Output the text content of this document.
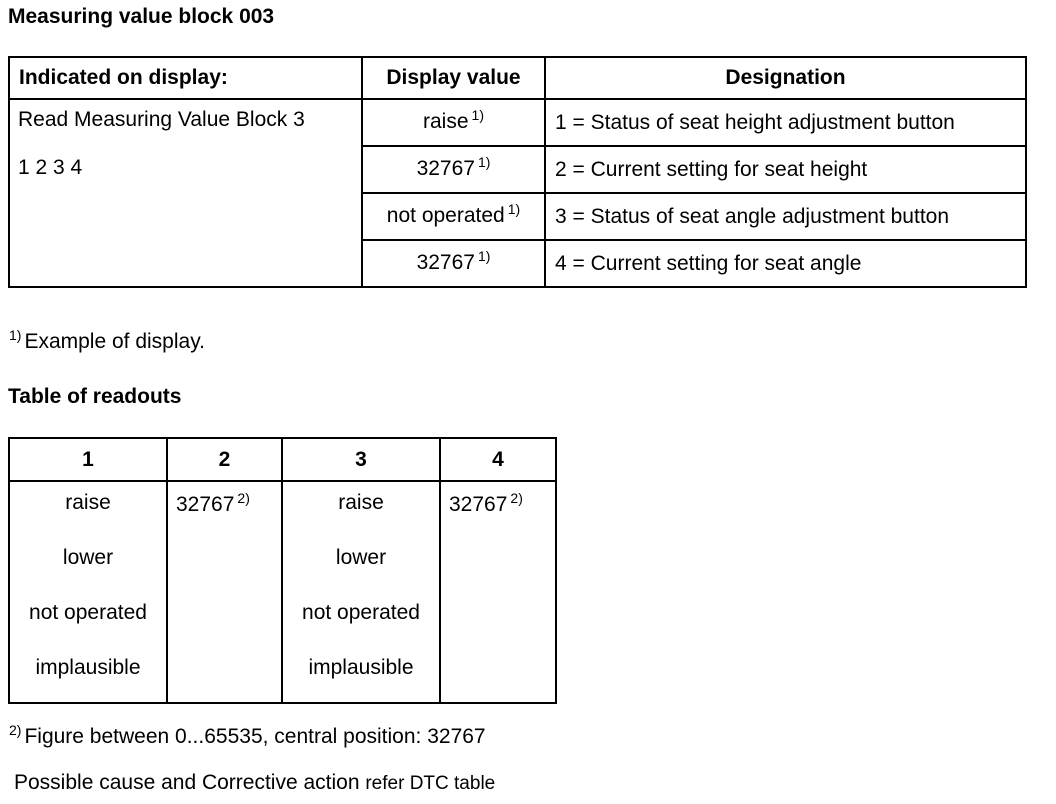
Measuring value block 003
Indicated on display:	Display value	Designation

Read Measuring Value Block 3
1 2 3 4	raise $^{1)}$	1 = Status of seat height adjustment button
	32767 $^{1)}$	2 = Current setting for seat height
	not operated $^{1)}$	3 = Status of seat angle adjustment button
	32767 $^{1)}$	4 = Current setting for seat angle
$^{1)}$ Example of display.
Table of readouts
1	2	3	4

raise
lower
not operated
implausible	32767 $^{2)}$	raise
lower
not operated
implausible	32767 $^{2)}$
$^{2)}$ Figure between 0...65535, central position: 32767
Possible cause and Corrective action refer DTC table
